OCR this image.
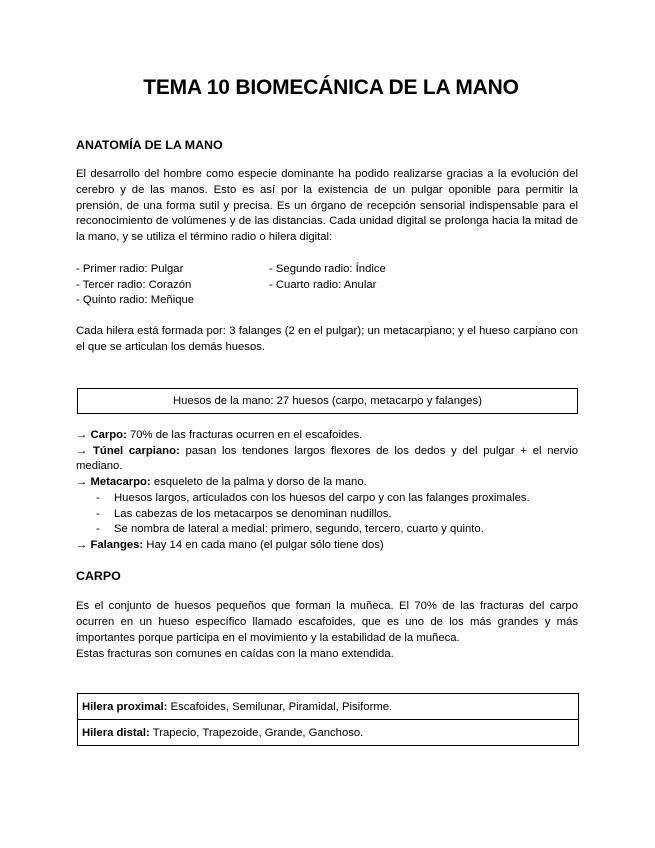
TEMA 10 BIOMECÁNICA DE LA MANO

ANATOMÍA DE LA MANO

El desarrollo del hombre como especie dominante ha podido realizarse gracias a la evolución del cerebro y de las manos. Esto es así por la existencia de un pulgar oponible para permitir la prensión, de una forma sutil y precisa. Es un órgano de recepción sensorial indispensable para el reconocimiento de volúmenes y de las distancias. Cada unidad digital se prolonga hacia la mitad de la mano, y se utiliza el término radio o hilera digital:

- Primer radio: Pulgar	- Segundo radio: Índice
- Tercer radio: Corazón	- Cuarto radio: Anular
- Quinto radio: Meñique

Cada hilera está formada por: 3 falanges (2 en el pulgar); un metacarpiano; y el hueso carpiano con el que se articulan los demás huesos.

Huesos de la mano: 27 huesos (carpo, metacarpo y falanges)
→ Carpo: 70% de las fracturas ocurren en el escafoides.
→ Túnel carpiano: pasan los tendones largos flexores de los dedos y del pulgar + el nervio mediano.
→ Metacarpo: esqueleto de la palma y dorso de la mano.
-	Huesos largos, articulados con los huesos del carpo y con las falanges proximales.
-	Las cabezas de los metacarpos se denominan nudillos.
-	Se nombra de lateral a medial: primero, segundo, tercero, cuarto y quinto.
→ Falanges: Hay 14 en cada mano (el pulgar sólo tiene dos)

CARPO

Es el conjunto de huesos pequeños que forman la muñeca. El 70% de las fracturas del carpo ocurren en un hueso específico llamado escafoides, que es uno de los más grandes y más importantes porque participa en el movimiento y la estabilidad de la muñeca.

Estas fracturas son comunes en caídas con la mano extendida.

Hilera proximal: Escafoides, Semilunar, Piramidal, Pisiforme.
Hilera distal: Trapecio, Trapezoide, Grande, Ganchoso.
